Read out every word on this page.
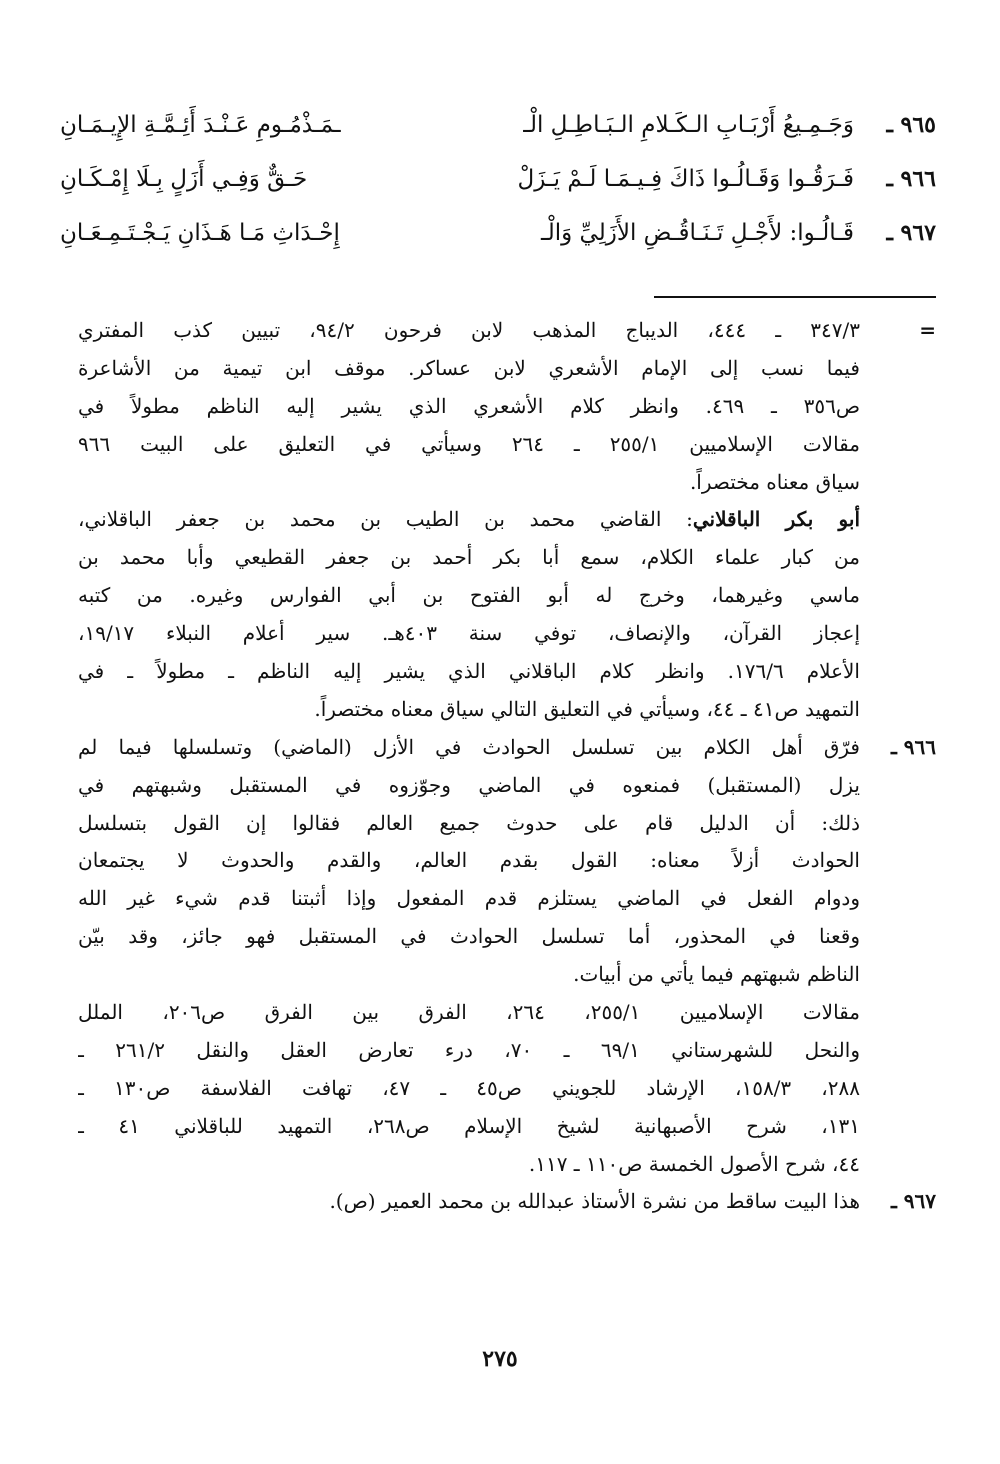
٩٦٥ ـ
وَجَـمِـيعُ أَرْبَـابِ الـكَـلامِ الـبَـاطِـلِ الْـ
ـمَـذْمُـومِ عَـنْـدَ أَئِـمَّـةِ الإِيـمَـانِ
٩٦٦ ـ
فَـرَقُـوا وَقَـالُـوا ذَاكَ فِـيـمَـا لَـمْ يَـزَلْ
حَـقٌّ وَفِـي أَزَلٍ بِـلَا إِمْـكَـانِ
٩٦٧ ـ
قَـالُـوا: لأَجْـلِ تَـنَـاقُـضِ الأَزَلِيِّ وَالْـ
إِحْـدَاثِ مَـا هَـذَانِ يَـجْـتَـمِـعَـانِ
=
٣٤٧/٣ ـ ٤٤٤، الديباج المذهب لابن فرحون ٩٤/٢، تبيين كذب المفتري
فيما نسب إلى الإمام الأشعري لابن عساكر. موقف ابن تيمية من الأشاعرة
ص٣٥٦ ـ ٤٦٩. وانظر كلام الأشعري الذي يشير إليه الناظم مطولاً في
مقالات الإسلاميين ٢٥٥/١ ـ ٢٦٤ وسيأتي في التعليق على البيت ٩٦٦
سياق معناه مختصراً.
أبو بكر الباقلاني: القاضي محمد بن الطيب بن محمد بن جعفر الباقلاني،
من كبار علماء الكلام، سمع أبا بكر أحمد بن جعفر القطيعي وأبا محمد بن
ماسي وغيرهما، وخرج له أبو الفتوح بن أبي الفوارس وغيره. من كتبه
إعجاز القرآن، والإنصاف، توفي سنة ٤٠٣هـ. سير أعلام النبلاء ١٩/١٧،
الأعلام ١٧٦/٦. وانظر كلام الباقلاني الذي يشير إليه الناظم ـ مطولاً ـ في
التمهيد ص٤١ ـ ٤٤، وسيأتي في التعليق التالي سياق معناه مختصراً.
٩٦٦ ـ
فرّق أهل الكلام بين تسلسل الحوادث في الأزل (الماضي) وتسلسلها فيما لم
يزل (المستقبل) فمنعوه في الماضي وجوّزوه في المستقبل وشبهتهم في
ذلك: أن الدليل قام على حدوث جميع العالم فقالوا إن القول بتسلسل
الحوادث أزلاً معناه: القول بقدم العالم، والقدم والحدوث لا يجتمعان
ودوام الفعل في الماضي يستلزم قدم المفعول وإذا أثبتنا قدم شيء غير الله
وقعنا في المحذور، أما تسلسل الحوادث في المستقبل فهو جائز، وقد بيّن
الناظم شبهتهم فيما يأتي من أبيات.
مقالات الإسلاميين ٢٥٥/١، ٢٦٤، الفرق بين الفرق ص٢٠٦، الملل
والنحل للشهرستاني ٦٩/١ ـ ٧٠، درء تعارض العقل والنقل ٢٦١/٢ ـ
٢٨٨، ١٥٨/٣، الإرشاد للجويني ص٤٥ ـ ٤٧، تهافت الفلاسفة ص١٣٠ ـ
١٣١، شرح الأصبهانية لشيخ الإسلام ص٢٦٨، التمهيد للباقلاني ٤١ ـ
٤٤، شرح الأصول الخمسة ص١١٠ ـ ١١٧.
٩٦٧ ـ
هذا البيت ساقط من نشرة الأستاذ عبدالله بن محمد العمير (ص).
٢٧٥
